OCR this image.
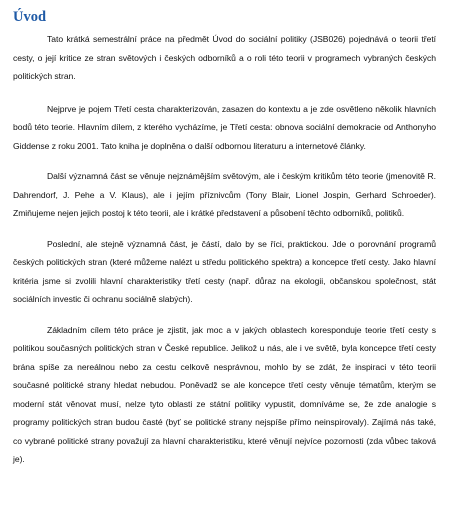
Úvod

Tato krátká semestrální práce na předmět Úvod do sociální politiky (JSB026) pojednává o teorii třetí cesty, o její kritice ze stran světových i českých odborníků a o roli této teorii v programech vybraných českých politických stran.

Nejprve je pojem Třetí cesta charakterizován, zasazen do kontextu a je zde osvětleno několik hlavních bodů této teorie. Hlavním dílem, z kterého vycházíme, je Třetí cesta: obnova sociální demokracie od Anthonyho Giddense z roku 2001. Tato kniha je doplněna o další odbornou literaturu a internetové články.

Další významná část se věnuje nejznámějším světovým, ale i českým kritikům této teorie (jmenovitě R. Dahrendorf, J. Pehe a V. Klaus), ale i jejím příznivcům (Tony Blair, Lionel Jospin, Gerhard Schroeder). Zmiňujeme nejen jejich postoj k této teorii, ale i krátké představení a působení těchto odborníků, politiků.

Poslední, ale stejně významná část, je částí, dalo by se říci, praktickou. Jde o porovnání programů českých politických stran (které můžeme nalézt u středu politického spektra) a koncepce třetí cesty. Jako hlavní kritéria jsme si zvolili hlavní charakteristiky třetí cesty (např. důraz na ekologii, občanskou společnost, stát sociálních investic či ochranu sociálně slabých).

Základním cílem této práce je zjistit, jak moc a v jakých oblastech koresponduje teorie třetí cesty s politikou současných politických stran v České republice. Jelikož u nás, ale i ve světě, byla koncepce třetí cesty brána spíše za nereálnou nebo za cestu celkově nesprávnou, mohlo by se zdát, že inspiraci v této teorii současné politické strany hledat nebudou. Poněvadž se ale koncepce třetí cesty věnuje tématům, kterým se moderní stát věnovat musí, nelze tyto oblasti ze státní politiky vypustit, domníváme se, že zde analogie s programy politických stran budou časté (byť se politické strany nejspíše přímo neinspirovaly). Zajímá nás také, co vybrané politické strany považují za hlavní charakteristiku, které věnují nejvíce pozornosti (zda vůbec taková je).
